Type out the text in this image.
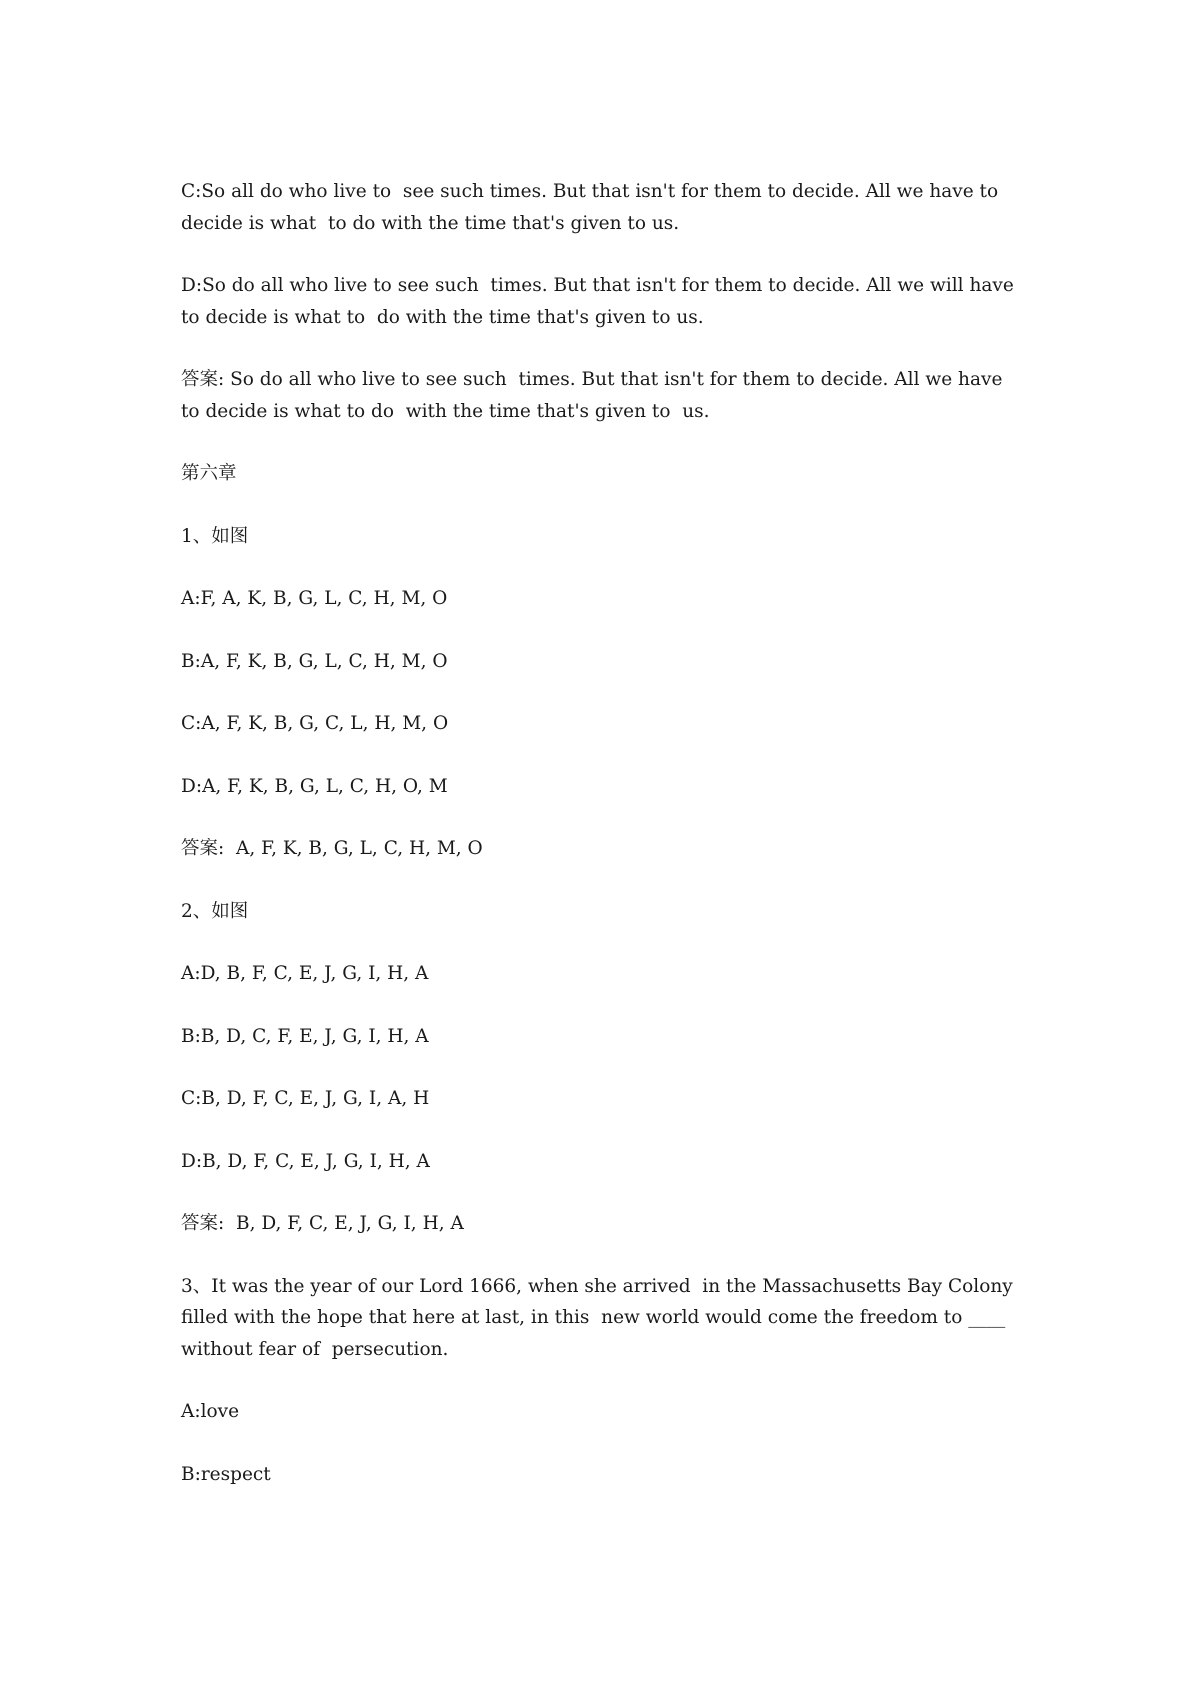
C:So all do who live to  see such times. But that isn't for them to decide. All we have to decide is what  to do with the time that's given to us.

D:So do all who live to see such  times. But that isn't for them to decide. All we will have to decide is what to  do with the time that's given to us.

答案: So do all who live to see such  times. But that isn't for them to decide. All we have to decide is what to do  with the time that's given to  us.

第六章

1、如图

A:F, A, K, B, G, L, C, H, M, O

B:A, F, K, B, G, L, C, H, M, O

C:A, F, K, B, G, C, L, H, M, O

D:A, F, K, B, G, L, C, H, O, M

答案:  A, F, K, B, G, L, C, H, M, O

2、如图

A:D, B, F, C, E, J, G, I, H, A

B:B, D, C, F, E, J, G, I, H, A

C:B, D, F, C, E, J, G, I, A, H

D:B, D, F, C, E, J, G, I, H, A

答案:  B, D, F, C, E, J, G, I, H, A

3、It was the year of our Lord 1666, when she arrived  in the Massachusetts Bay Colony filled with the hope that here at last, in this  new world would come the freedom to ____ without fear of  persecution.

A:love

B:respect
